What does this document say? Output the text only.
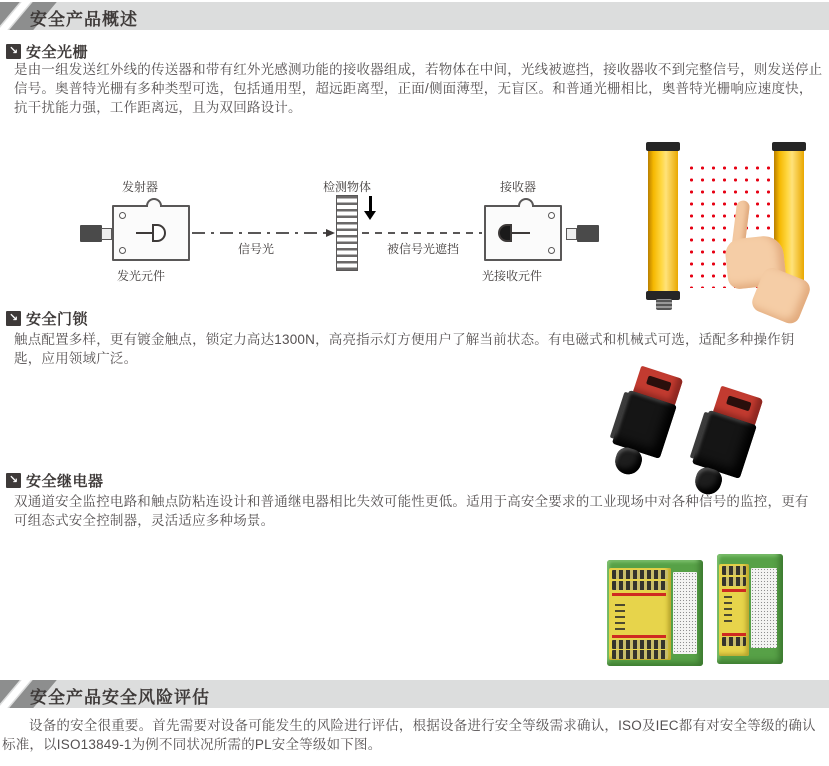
安全产品概述
↘ 安全光栅

是由一组发送红外线的传送器和带有红外光感测功能的接收器组成，若物体在中间，光线被遮挡，接收器收不到完整信号，则发送停止信号。奥普特光栅有多种类型可选，包括通用型，超远距离型，正面/侧面薄型，无盲区。和普通光栅相比，奥普特光栅响应速度快，抗干扰能力强，工作距离远，且为双回路设计。

发射器
发光元件
信号光
检测物体
被信号光遮挡
接收器
光接收元件
↘ 安全门锁

触点配置多样，更有镀金触点，锁定力高达1300N，高亮指示灯方便用户了解当前状态。有电磁式和机械式可选，适配多种操作钥匙，应用领域广泛。

↘ 安全继电器

双通道安全监控电路和触点防粘连设计和普通继电器相比失效可能性更低。适用于高安全要求的工业现场中对各种信号的监控，更有可组态式安全控制器，灵活适应多种场景。

安全产品安全风险评估

设备的安全很重要。首先需要对设备可能发生的风险进行评估，根据设备进行安全等级需求确认，ISO及IEC都有对安全等级的确认标准，以ISO13849-1为例不同状况所需的PL安全等级如下图。
